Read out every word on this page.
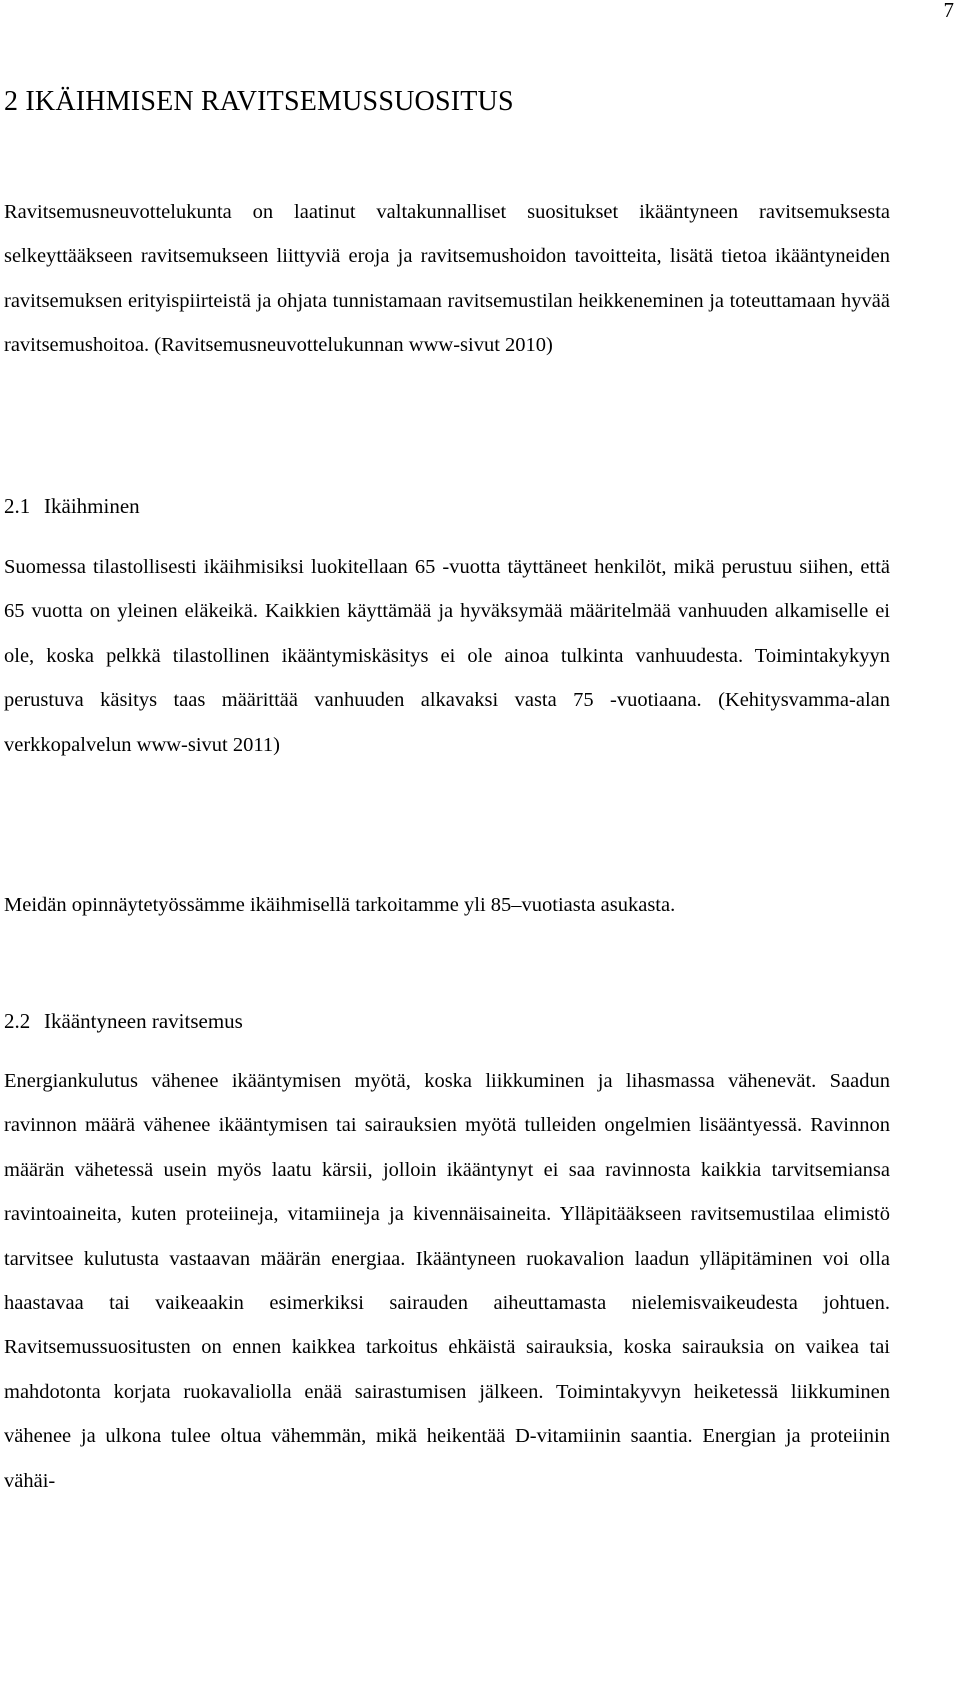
7
2 IKÄIHMISEN RAVITSEMUSSUOSITUS

Ravitsemusneuvottelukunta on laatinut valtakunnalliset suositukset ikääntyneen ravitsemuksesta selkeyttääkseen ravitsemukseen liittyviä eroja ja ravitsemushoidon tavoitteita, lisätä tietoa ikääntyneiden ravitsemuksen erityispiirteistä ja ohjata tunnistamaan ravitsemustilan heikkeneminen ja toteuttamaan hyvää ravitsemushoitoa. (Ravitsemusneuvottelukunnan www-sivut 2010)

2.1 Ikäihminen

Suomessa tilastollisesti ikäihmisiksi luokitellaan 65 -vuotta täyttäneet henkilöt, mikä perustuu siihen, että 65 vuotta on yleinen eläkeikä. Kaikkien käyttämää ja hyväksymää määritelmää vanhuuden alkamiselle ei ole, koska pelkkä tilastollinen ikääntymiskäsitys ei ole ainoa tulkinta vanhuudesta. Toimintakykyyn perustuva käsitys taas määrittää vanhuuden alkavaksi vasta 75 -vuotiaana. (Kehitysvamma-alan verkkopalvelun www-sivut 2011)

Meidän opinnäytetyössämme ikäihmisellä tarkoitamme yli 85–vuotiasta asukasta.

2.2 Ikääntyneen ravitsemus

Energiankulutus vähenee ikääntymisen myötä, koska liikkuminen ja lihasmassa vähenevät. Saadun ravinnon määrä vähenee ikääntymisen tai sairauksien myötä tulleiden ongelmien lisääntyessä. Ravinnon määrän vähetessä usein myös laatu kärsii, jolloin ikääntynyt ei saa ravinnosta kaikkia tarvitsemiansa ravintoaineita, kuten proteiineja, vitamiineja ja kivennäisaineita. Ylläpitääkseen ravitsemustilaa elimistö tarvitsee kulutusta vastaavan määrän energiaa. Ikääntyneen ruokavalion laadun ylläpitäminen voi olla haastavaa tai vaikeaakin esimerkiksi sairauden aiheuttamasta nielemisvaikeudesta johtuen. Ravitsemussuositusten on ennen kaikkea tarkoitus ehkäistä sairauksia, koska sairauksia on vaikea tai mahdotonta korjata ruokavaliolla enää sairastumisen jälkeen. Toimintakyvyn heiketessä liikkuminen vähenee ja ulkona tulee oltua vähemmän, mikä heikentää D-vitamiinin saantia. Energian ja proteiinin vähäi-
